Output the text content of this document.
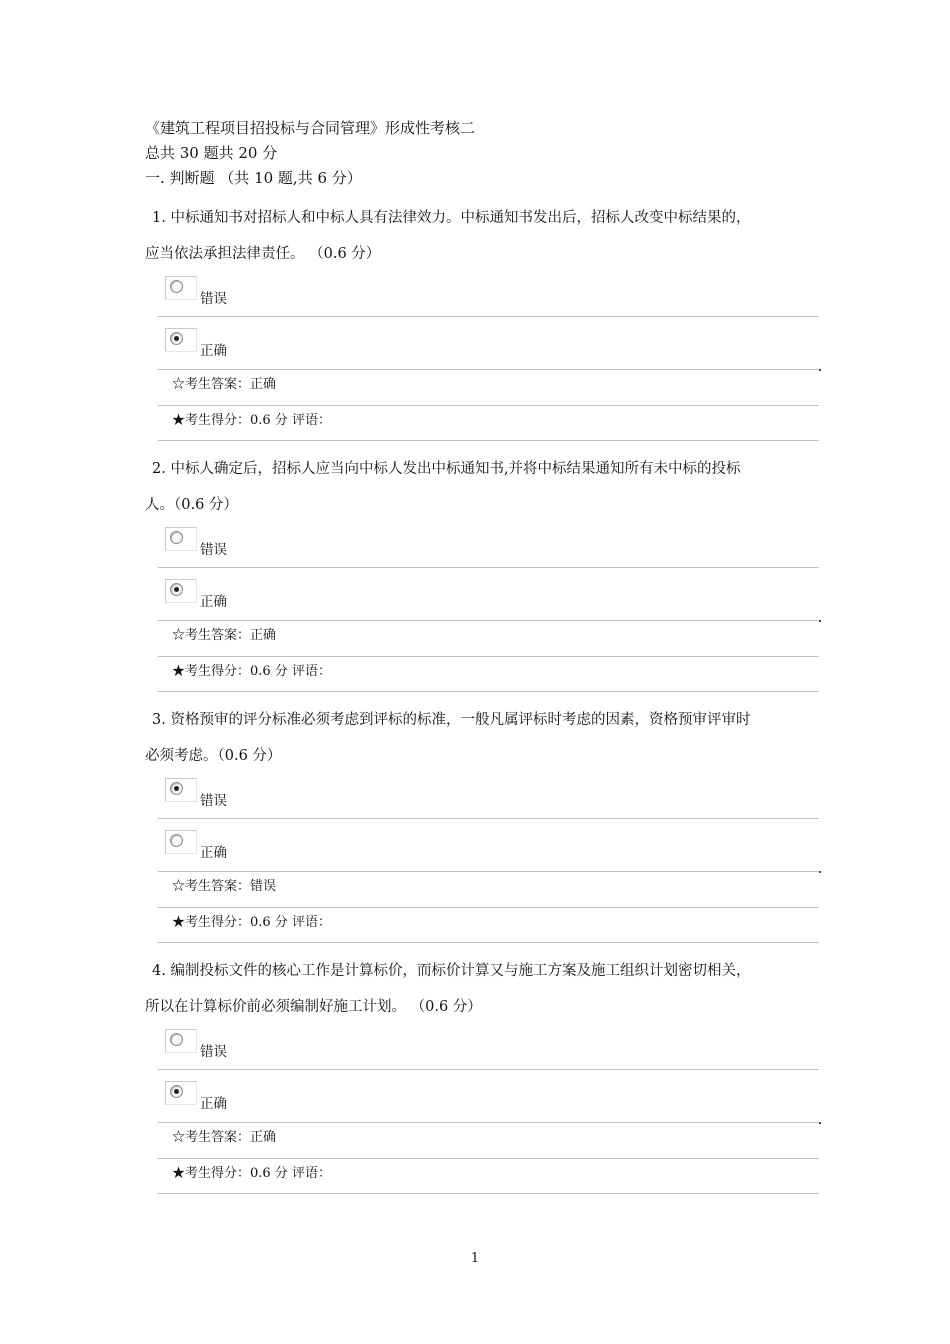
《建筑工程项目招投标与合同管理》形成性考核二
总共 30 题共 20 分
一. 判断题 （共 10 题,共 6 分）
1. 中标通知书对招标人和中标人具有法律效力。中标通知书发出后，招标人改变中标结果的，
应当依法承担法律责任。 （0.6 分）
错误
正确
☆考生答案：正确
★考生得分：0.6 分 评语：
2. 中标人确定后，招标人应当向中标人发出中标通知书,并将中标结果通知所有未中标的投标
人。（0.6 分）
错误
正确
☆考生答案：正确
★考生得分：0.6 分 评语：
3. 资格预审的评分标准必须考虑到评标的标准，一般凡属评标时考虑的因素，资格预审评审时
必须考虑。（0.6 分）
错误
正确
☆考生答案：错误
★考生得分：0.6 分 评语：
4. 编制投标文件的核心工作是计算标价，而标价计算又与施工方案及施工组织计划密切相关，
所以在计算标价前必须编制好施工计划。 （0.6 分）
错误
正确
☆考生答案：正确
★考生得分：0.6 分 评语：
1
